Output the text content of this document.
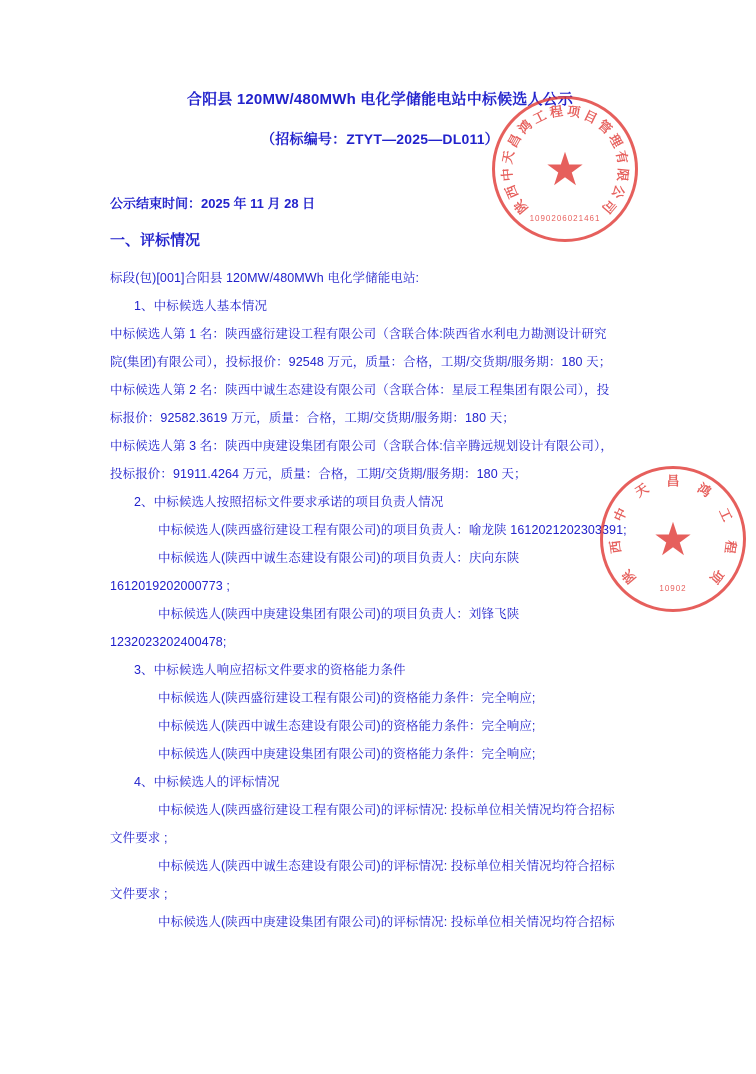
合阳县 120MW/480MWh 电化学储能电站中标候选人公示
（招标编号：ZTYT—2025—DL011）
公示结束时间：2025 年 11 月 28 日
一、评标情况

标段(包)[001]合阳县 120MW/480MWh 电化学储能电站:

1、中标候选人基本情况

中标候选人第 1 名：陕西盛衍建设工程有限公司（含联合体:陕西省水利电力勘测设计研究

院(集团)有限公司），投标报价：92548 万元，质量：合格，工期/交货期/服务期：180 天；

中标候选人第 2 名：陕西中诚生态建设有限公司（含联合体：星辰工程集团有限公司），投

标报价：92582.3619 万元，质量：合格，工期/交货期/服务期：180 天；

中标候选人第 3 名：陕西中庚建设集团有限公司（含联合体:信辛腾远规划设计有限公司），

投标报价：91911.4264 万元，质量：合格，工期/交货期/服务期：180 天；

2、中标候选人按照招标文件要求承诺的项目负责人情况

中标候选人(陕西盛衍建设工程有限公司)的项目负责人：喻龙陕 1612021202303391;

中标候选人(陕西中诚生态建设有限公司)的项目负责人：庆向东陕

1612019202000773 ;

中标候选人(陕西中庚建设集团有限公司)的项目负责人：刘锋飞陕

1232023202400478;

3、中标候选人响应招标文件要求的资格能力条件

中标候选人(陕西盛衍建设工程有限公司)的资格能力条件：完全响应;

中标候选人(陕西中诚生态建设有限公司)的资格能力条件：完全响应;

中标候选人(陕西中庚建设集团有限公司)的资格能力条件：完全响应;

4、中标候选人的评标情况

中标候选人(陕西盛衍建设工程有限公司)的评标情况: 投标单位相关情况均符合招标

文件要求 ;

中标候选人(陕西中诚生态建设有限公司)的评标情况: 投标单位相关情况均符合招标

文件要求 ;

中标候选人(陕西中庚建设集团有限公司)的评标情况: 投标单位相关情况均符合招标

★
陕
西
中
天
昌
鸿
工 程 项 目
管
理
有
限
公
司
1090206021461
★
陕
西
中
天 昌 鸿
工
程
项
10902
